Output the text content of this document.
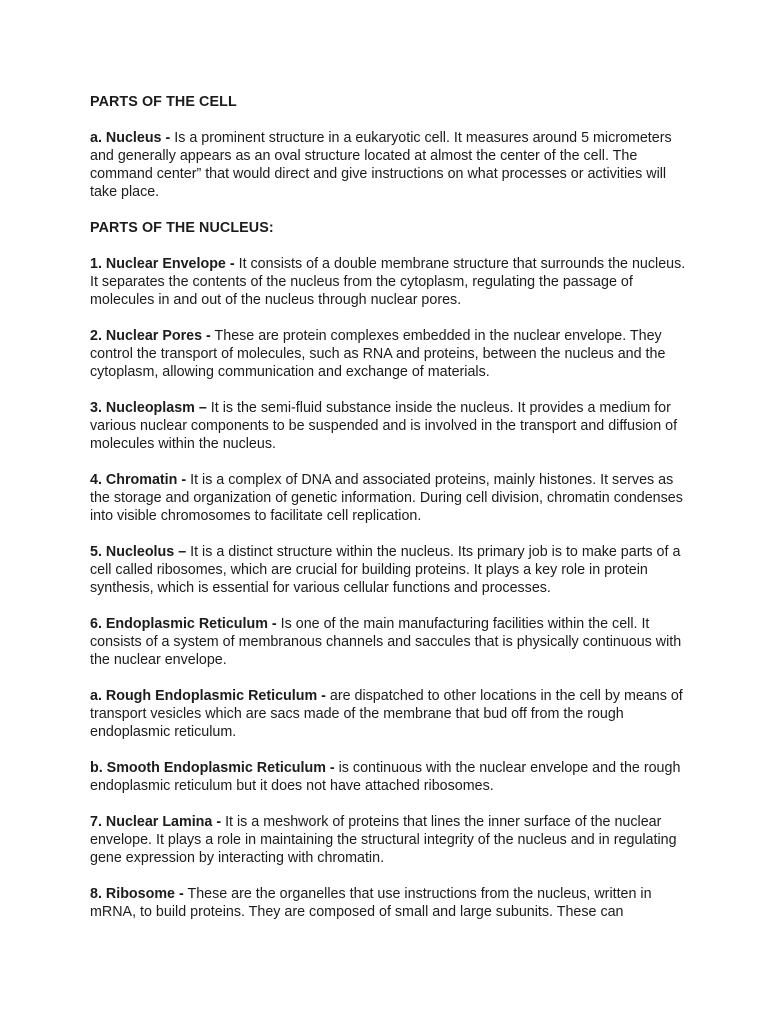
PARTS OF THE CELL
a. Nucleus - Is a prominent structure in a eukaryotic cell. It measures around 5 micrometers and generally appears as an oval structure located at almost the center of the cell. The command center” that would direct and give instructions on what processes or activities will take place.
PARTS OF THE NUCLEUS:
1. Nuclear Envelope - It consists of a double membrane structure that surrounds the nucleus. It separates the contents of the nucleus from the cytoplasm, regulating the passage of molecules in and out of the nucleus through nuclear pores.
2. Nuclear Pores - These are protein complexes embedded in the nuclear envelope. They control the transport of molecules, such as RNA and proteins, between the nucleus and the cytoplasm, allowing communication and exchange of materials.
3. Nucleoplasm – It is the semi-fluid substance inside the nucleus. It provides a medium for various nuclear components to be suspended and is involved in the transport and diffusion of molecules within the nucleus.
4. Chromatin - It is a complex of DNA and associated proteins, mainly histones. It serves as the storage and organization of genetic information. During cell division, chromatin condenses into visible chromosomes to facilitate cell replication.
5. Nucleolus – It is a distinct structure within the nucleus. Its primary job is to make parts of a cell called ribosomes, which are crucial for building proteins. It plays a key role in protein synthesis, which is essential for various cellular functions and processes.
6. Endoplasmic Reticulum - Is one of the main manufacturing facilities within the cell. It consists of a system of membranous channels and saccules that is physically continuous with the nuclear envelope.
a. Rough Endoplasmic Reticulum - are dispatched to other locations in the cell by means of transport vesicles which are sacs made of the membrane that bud off from the rough endoplasmic reticulum.
b. Smooth Endoplasmic Reticulum - is continuous with the nuclear envelope and the rough endoplasmic reticulum but it does not have attached ribosomes.
7. Nuclear Lamina - It is a meshwork of proteins that lines the inner surface of the nuclear envelope. It plays a role in maintaining the structural integrity of the nucleus and in regulating gene expression by interacting with chromatin.
8. Ribosome - These are the organelles that use instructions from the nucleus, written in mRNA, to build proteins. They are composed of small and large subunits. These can
